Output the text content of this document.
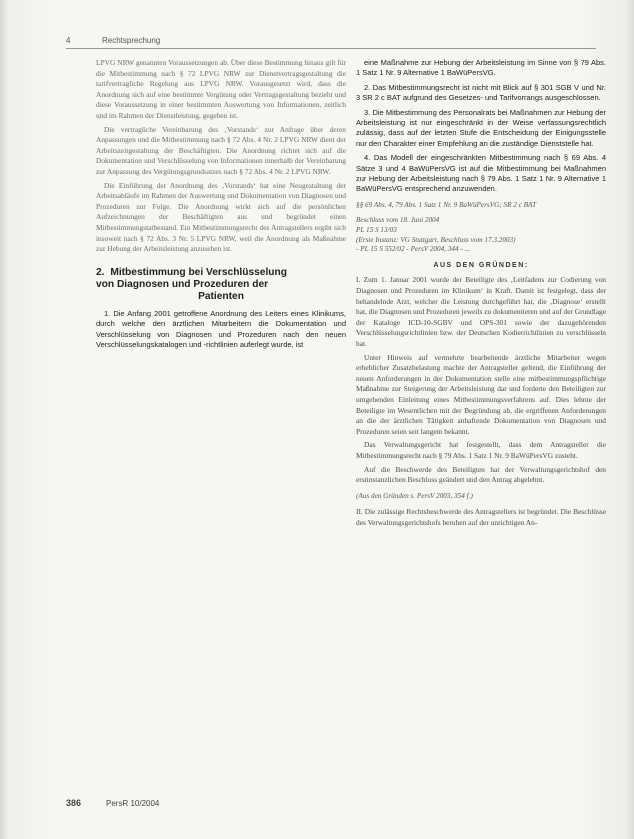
4	Rechtsprechung

LPVG NRW genannten Voraussetzungen ab. Über diese Bestimmung hinaus gilt für die Mitbestimmung nach § 72 LPVG NRW zur Dienstvertragsgestaltung die tarifvertragliche Regelung aus LPVG NRW. Vorausgesetzt wird, dass die Anordnung sich auf eine bestimmte Vergütung oder Vertragsgestaltung bezieht und diese Voraussetzung in einer bestimmten Auswertung von Informationen, zeitlich und im Rahmen der Dienstleistung, gegeben ist.

Die vertragliche Vereinbarung des ‚Vorstands‘ zur Anfrage über deren Anpassungen und die Mitbestimmung nach § 72 Abs. 4 Nr. 2 LPVG NRW dient der Arbeitszeitgestaltung der Beschäftigten. Die Anordnung richtet sich auf die Dokumentation und Verschlüsselung von Informationen innerhalb der Vereinbarung zur Anpassung des Vergütungsgrundsatzes nach § 72 Abs. 4 Nr. 2 LPVG NRW.

Die Einführung der Anordnung des ‚Vorstands‘ hat eine Neugestaltung der Arbeitsabläufe im Rahmen der Auswertung und Dokumentation von Diagnosen und Prozeduren zur Folge. Die Anordnung wirkt sich auf die persönlichen Aufzeichnungen der Beschäftigten aus und begründet einen Mitbestimmungstatbestand. Ein Mitbestimmungsrecht des Antragstellers ergibt sich insoweit nach § 72 Abs. 3 Nr. 5 LPVG NRW, weil die Anordnung als Maßnahme zur Hebung der Arbeitsleistung anzusehen ist.

2. Mitbestimmung bei Verschlüsselung
von Diagnosen und Prozeduren der
Patienten

1. Die Anfang 2001 getroffene Anordnung des Leiters eines Klinikums, durch welche den ärztlichen Mitarbeitern die Dokumentation und Verschlüsselung von Diagnosen und Prozeduren nach den neuen Verschlüsselungskatalogen und -richtlinien auferlegt wurde, ist

eine Maßnahme zur Hebung der Arbeitsleistung im Sinne von § 79 Abs. 1 Satz 1 Nr. 9 Alternative 1 BaWüPersVG.

2. Das Mitbestimmungsrecht ist nicht mit Blick auf § 301 SGB V und Nr. 3 SR 2 c BAT aufgrund des Gesetzes- und Tarifvorrangs ausgeschlossen.

3. Die Mitbestimmung des Personalrats bei Maßnahmen zur Hebung der Arbeitsleistung ist nur eingeschränkt in der Weise verfassungsrechtlich zulässig, dass auf der letzten Stufe die Entscheidung der Einigungsstelle nur den Charakter einer Empfehlung an die zuständige Dienststelle hat.

4. Das Modell der eingeschränkten Mitbestimmung nach § 69 Abs. 4 Sätze 3 und 4 BaWüPersVG ist auf die Mitbestimmung bei Maßnahmen zur Hebung der Arbeitsleistung nach § 79 Abs. 1 Satz 1 Nr. 9 Alternative 1 BaWüPersVG entsprechend anzuwenden.

§§ 69 Abs. 4, 79 Abs. 1 Satz 1 Nr. 9 BaWüPersVG; SR 2 c BAT
Beschluss vom 18. Juni 2004
PL 15 S 13/03
(Erste Instanz: VG Stuttgart, Beschluss vom 17.3.2003)
- PL 15 S 552/02 - PersV 2004, 344 - ...
AUS DEN GRÜNDEN:

I. Zum 1. Januar 2001 wurde der Beteiligte des ‚Leitfadens zur Codierung von Diagnosen und Prozeduren im Klinikum‘ in Kraft. Damit ist festgelegt, dass der behandelnde Arzt, welcher die Leistung durchgeführt hat, die ‚Diagnose‘ erstellt hat, die Diagnosen und Prozeduren jeweils zu dokumentieren und auf der Grundlage der Kataloge ICD-10-SGBV und OPS-301 sowie der dazugehörenden Verschlüsselungsrichtlinien bzw. der Deutschen Kodierrichtlinien zu verschlüsseln hat.

Unter Hinweis auf vermehrte bearbeitende ärztliche Mitarbeiter wegen erheblicher Zusatzbelastung machte der Antragsteller geltend, die Einführung der neuen Anforderungen in der Dokumentation stelle eine mitbestimmungspflichtige Maßnahme zur Steigerung der Arbeitsleistung dar und forderte den Beteiligten zur umgehenden Einleitung eines Mitbestimmungsverfahrens auf. Dies lehnte der Beteiligte im Wesentlichen mit der Begründung ab, die ergriffenen Anforderungen an die der ärztlichen Tätigkeit anhaftende Dokumentation von Diagnosen und Prozeduren seien seit langem bekannt.

Das Verwaltungsgericht hat festgestellt, dass dem Antragsteller die Mitbestimmungsrecht nach § 79 Abs. 1 Satz 1 Nr. 9 BaWüPersVG zusteht.

Auf die Beschwerde des Beteiligten hat der Verwaltungsgerichtshof den erstinstanzlichen Beschluss geändert und den Antrag abgelehnt.

(Aus den Gründen s. PersV 2003, 354 f.)

II. Die zulässige Rechtsbeschwerde des Antragstellers ist begründet. Die Beschlüsse des Verwaltungsgerichtshofs beruhen auf der unrichtigen An-

386	PersR 10/2004
